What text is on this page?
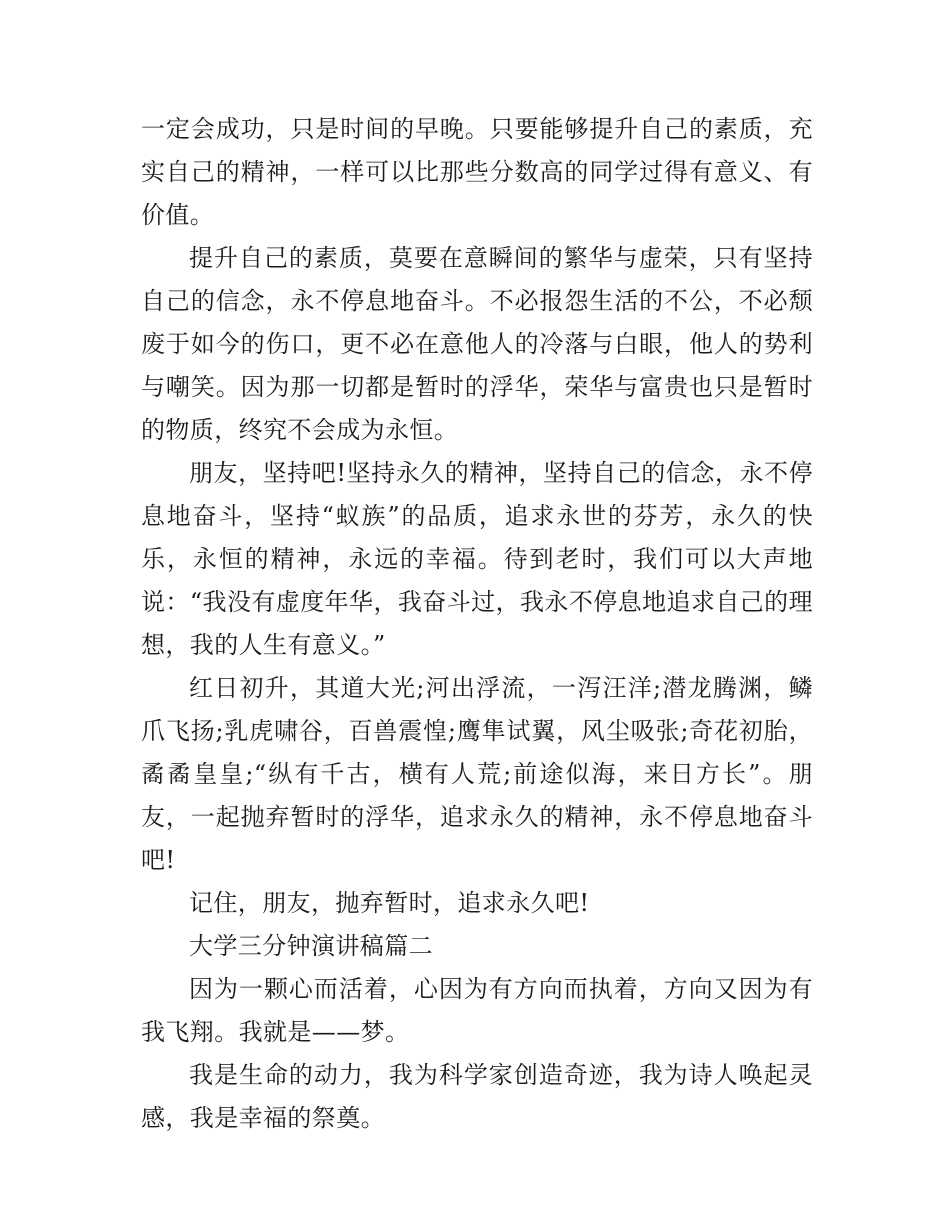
一定会成功，只是时间的早晚。只要能够提升自己的素质，充实自己的精神，一样可以比那些分数高的同学过得有意义、有价值。

提升自己的素质，莫要在意瞬间的繁华与虚荣，只有坚持自己的信念，永不停息地奋斗。不必报怨生活的不公，不必颓废于如今的伤口，更不必在意他人的冷落与白眼，他人的势利与嘲笑。因为那一切都是暂时的浮华，荣华与富贵也只是暂时的物质，终究不会成为永恒。

朋友，坚持吧!坚持永久的精神，坚持自己的信念，永不停息地奋斗，坚持“蚁族”的品质，追求永世的芬芳，永久的快乐，永恒的精神，永远的幸福。待到老时，我们可以大声地说：“我没有虚度年华，我奋斗过，我永不停息地追求自己的理想，我的人生有意义。”

红日初升，其道大光;河出浮流，一泻汪洋;潜龙腾渊，鳞爪飞扬;乳虎啸谷，百兽震惶;鹰隼试翼，风尘吸张;奇花初胎，矞矞皇皇;“纵有千古，横有人荒;前途似海，来日方长”。朋友，一起抛弃暂时的浮华，追求永久的精神，永不停息地奋斗吧!

记住，朋友，抛弃暂时，追求永久吧!

大学三分钟演讲稿篇二

因为一颗心而活着，心因为有方向而执着，方向又因为有我飞翔。我就是——梦。

我是生命的动力，我为科学家创造奇迹，我为诗人唤起灵感，我是幸福的祭奠。
